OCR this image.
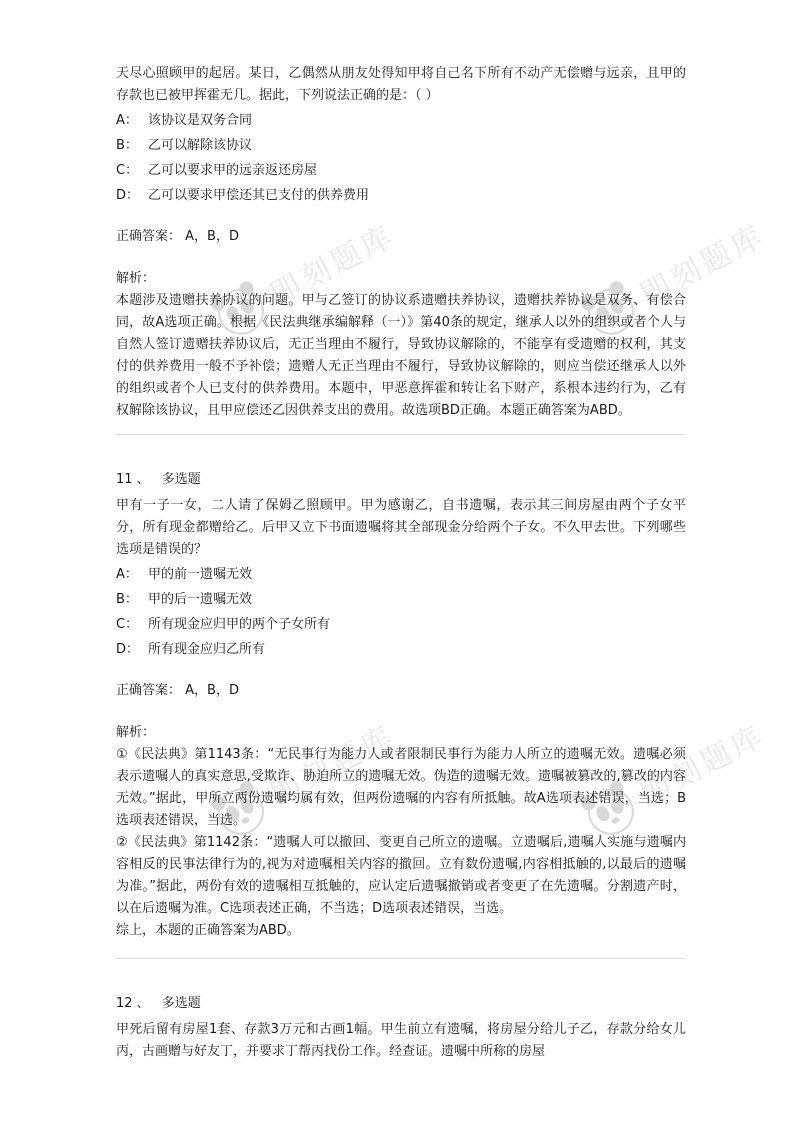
即刻题库	即刻题库
即刻题库	即刻题库

天尽心照顾甲的起居。某日，乙偶然从朋友处得知甲将自己名下所有不动产无偿赠与远亲，且甲的存款也已被甲挥霍无几。据此，下列说法正确的是：（ ）

A： 该协议是双务合同
B： 乙可以解除该协议
C： 乙可以要求甲的远亲返还房屋
D： 乙可以要求甲偿还其已支付的供养费用

正确答案： A，B，D

解析：

本题涉及遗赠扶养协议的问题。甲与乙签订的协议系遗赠扶养协议，遗赠扶养协议是双务、有偿合同，故A选项正确。根据《民法典继承编解释（一）》第40条的规定，继承人以外的组织或者个人与自然人签订遗赠扶养协议后，无正当理由不履行，导致协议解除的，不能享有受遗赠的权利，其支付的供养费用一般不予补偿；遗赠人无正当理由不履行，导致协议解除的，则应当偿还继承人以外的组织或者个人已支付的供养费用。本题中，甲恶意挥霍和转让名下财产，系根本违约行为，乙有权解除该协议，且甲应偿还乙因供养支出的费用。故选项BD正确。本题正确答案为ABD。

11 、 多选题

甲有一子一女，二人请了保姆乙照顾甲。甲为感谢乙，自书遗嘱，表示其三间房屋由两个子女平分，所有现金都赠给乙。后甲又立下书面遗嘱将其全部现金分给两个子女。不久甲去世。下列哪些选项是错误的？

A： 甲的前一遗嘱无效
B： 甲的后一遗嘱无效
C： 所有现金应归甲的两个子女所有
D： 所有现金应归乙所有

正确答案： A，B，D

解析：

①《民法典》第1143条：“无民事行为能力人或者限制民事行为能力人所立的遗嘱无效。遗嘱必须表示遗嘱人的真实意思,受欺诈、胁迫所立的遗嘱无效。伪造的遗嘱无效。遗嘱被篡改的,篡改的内容无效。”据此，甲所立两份遗嘱均属有效，但两份遗嘱的内容有所抵触。故A选项表述错误，当选；B选项表述错误，当选。

②《民法典》第1142条：“遗嘱人可以撤回、变更自己所立的遗嘱。立遗嘱后,遗嘱人实施与遗嘱内容相反的民事法律行为的,视为对遗嘱相关内容的撤回。立有数份遗嘱,内容相抵触的,以最后的遗嘱为准。”据此，两份有效的遗嘱相互抵触的，应认定后遗嘱撤销或者变更了在先遗嘱。分割遗产时，以在后遗嘱为准。C选项表述正确，不当选；D选项表述错误，当选。

综上，本题的正确答案为ABD。

12 、 多选题

甲死后留有房屋1套、存款3万元和古画1幅。甲生前立有遗嘱，将房屋分给儿子乙，存款分给女儿丙，古画赠与好友丁，并要求丁帮丙找份工作。经查证。遗嘱中所称的房屋
